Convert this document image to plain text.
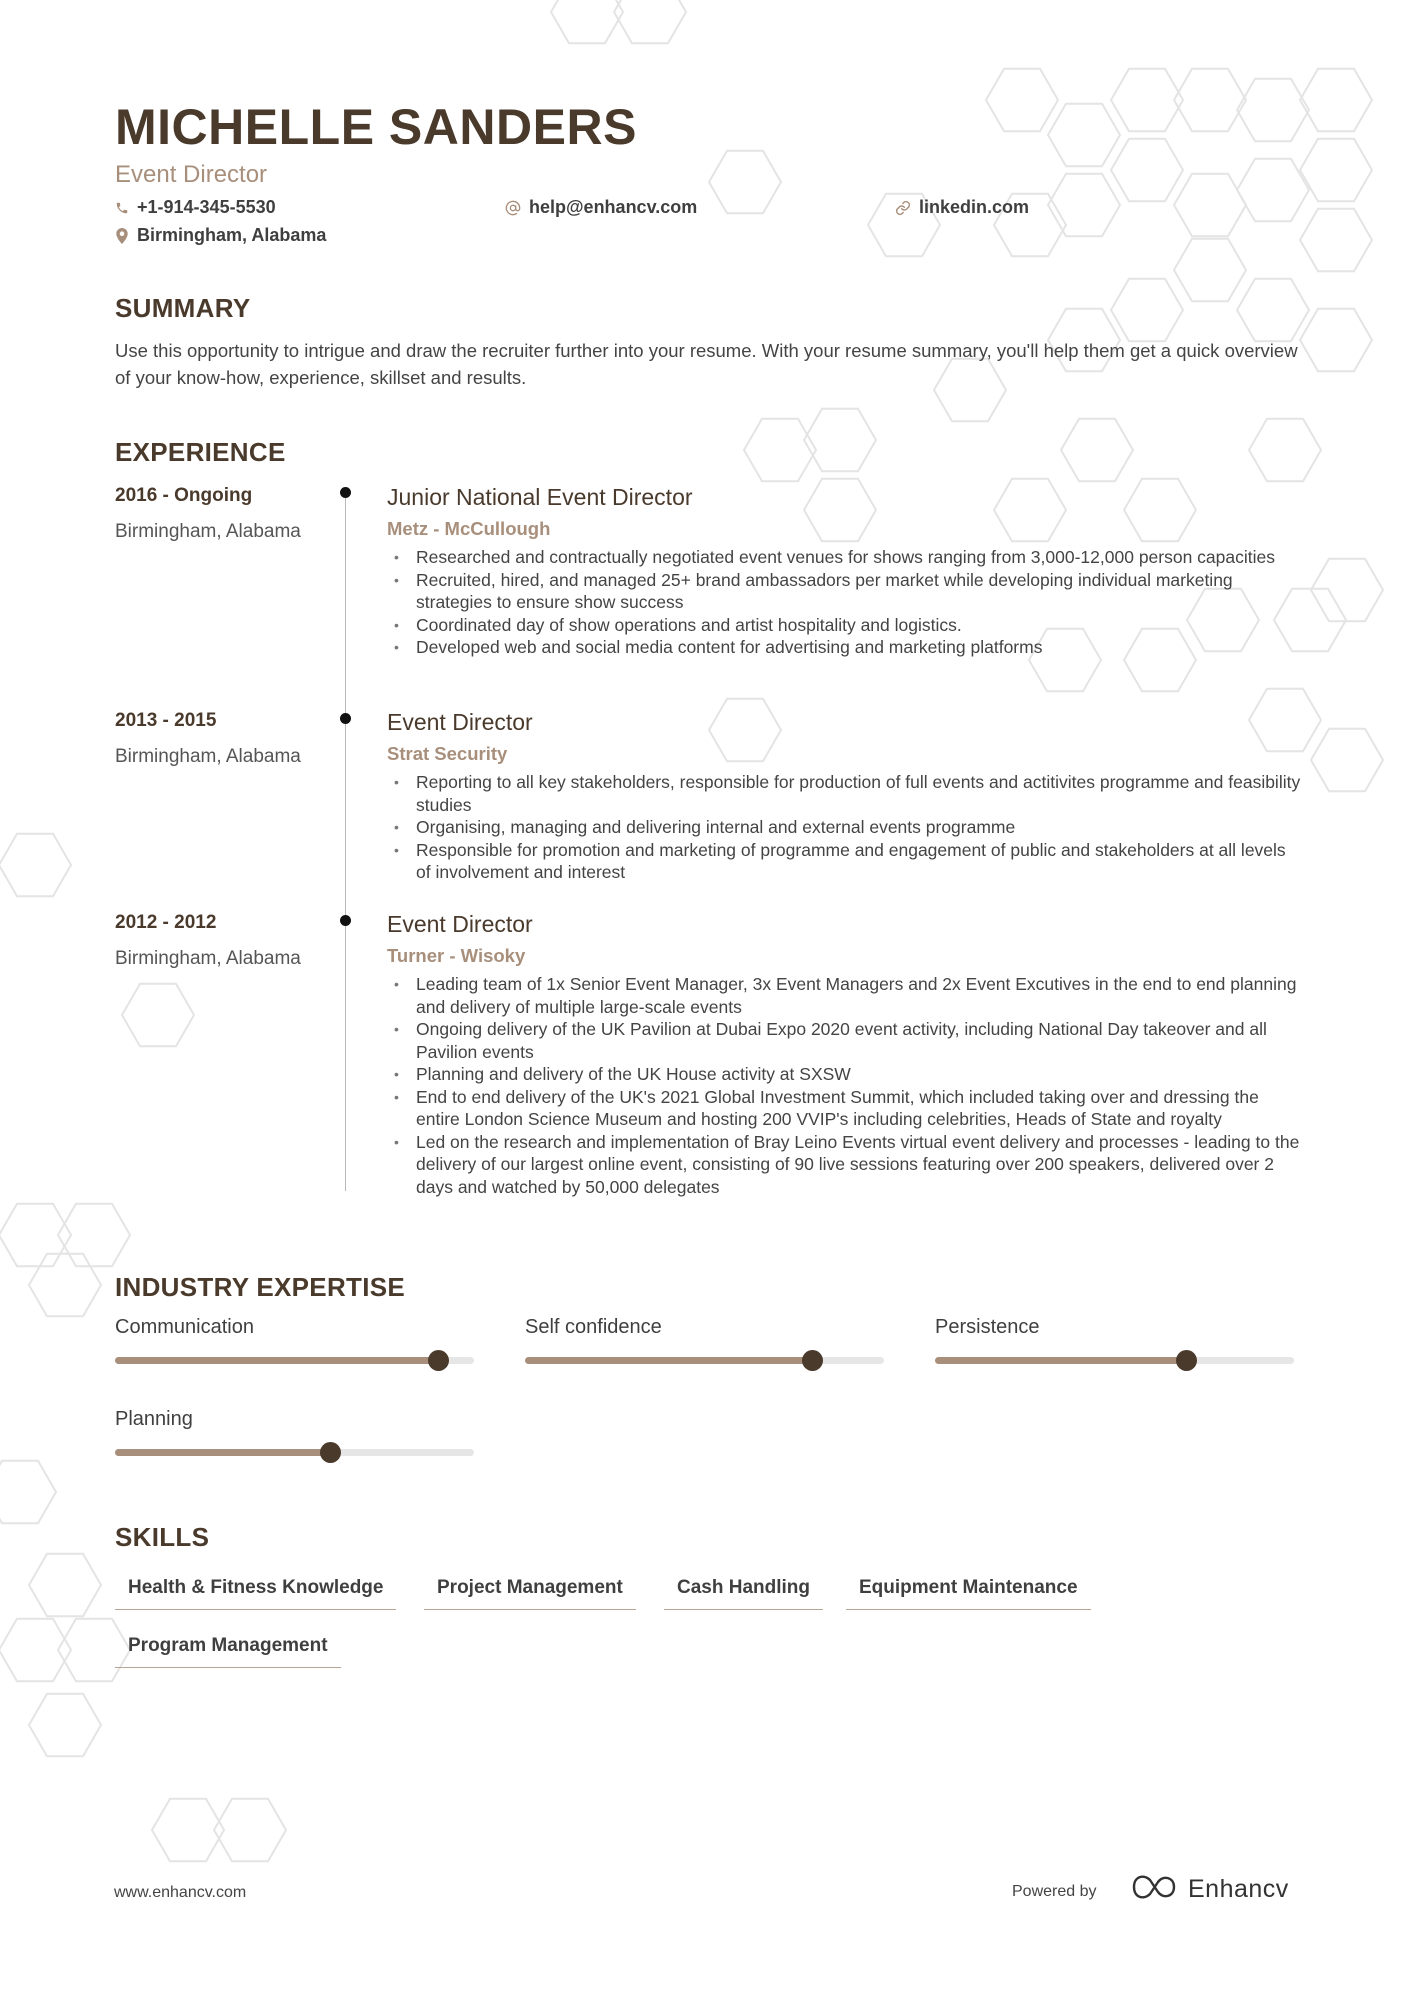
MICHELLE SANDERS
Event Director
+1-914-345-5530	help@enhancv.com	linkedin.com
Birmingham, Alabama
SUMMARY
Use this opportunity to intrigue and draw the recruiter further into your resume. With your resume summary, you'll help them get a quick overview of your know-how, experience, skillset and results.
EXPERIENCE
2016 - Ongoing
Birmingham, Alabama
Junior National Event Director
Metz - McCullough
• Researched and contractually negotiated event venues for shows ranging from 3,000-12,000 person capacities
• Recruited, hired, and managed 25+ brand ambassadors per market while developing individual marketing strategies to ensure show success
• Coordinated day of show operations and artist hospitality and logistics.
• Developed web and social media content for advertising and marketing platforms
2013 - 2015
Birmingham, Alabama
Event Director
Strat Security
• Reporting to all key stakeholders, responsible for production of full events and actitivites programme and feasibility studies
• Organising, managing and delivering internal and external events programme
• Responsible for promotion and marketing of programme and engagement of public and stakeholders at all levels of involvement and interest
2012 - 2012
Birmingham, Alabama
Event Director
Turner - Wisoky
• Leading team of 1x Senior Event Manager, 3x Event Managers and 2x Event Excutives in the end to end planning and delivery of multiple large-scale events
• Ongoing delivery of the UK Pavilion at Dubai Expo 2020 event activity, including National Day takeover and all Pavilion events
• Planning and delivery of the UK House activity at SXSW
• End to end delivery of the UK's 2021 Global Investment Summit, which included taking over and dressing the entire London Science Museum and hosting 200 VVIP's including celebrities, Heads of State and royalty
• Led on the research and implementation of Bray Leino Events virtual event delivery and processes - leading to the delivery of our largest online event, consisting of 90 live sessions featuring over 200 speakers, delivered over 2 days and watched by 50,000 delegates
INDUSTRY EXPERTISE
Communication	Self confidence	Persistence
Planning
SKILLS
Health & Fitness Knowledge	Project Management	Cash Handling	Equipment Maintenance
Program Management
www.enhancv.com	Powered by	Enhancv
